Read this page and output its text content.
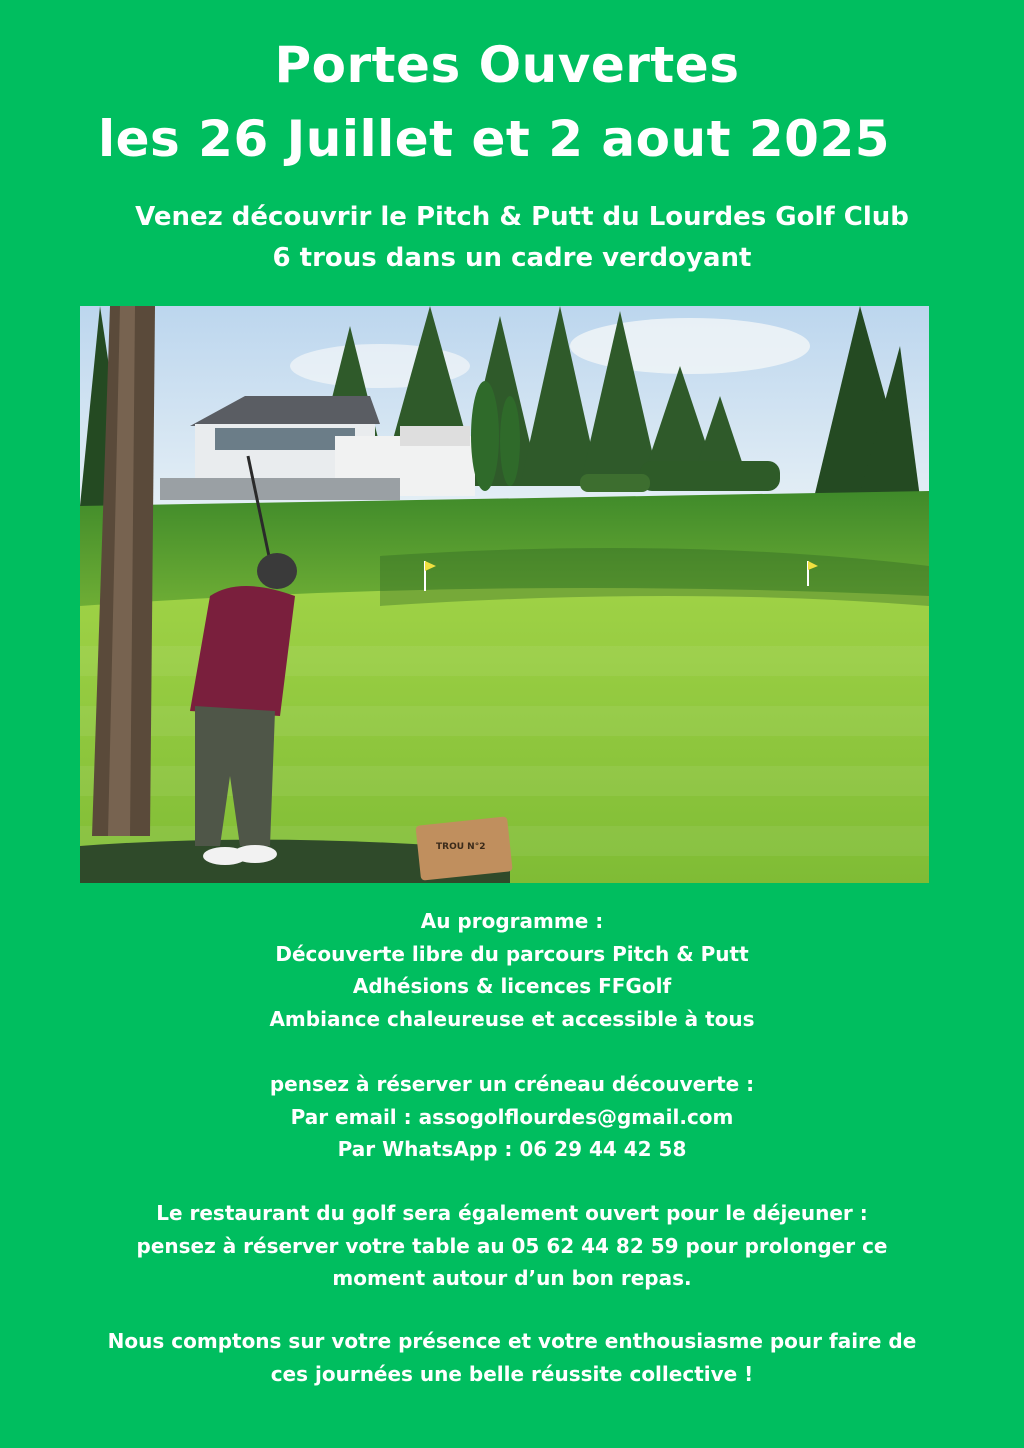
Portes Ouvertes
les 26 Juillet et 2 aout 2025
Venez découvrir le Pitch & Putt du Lourdes Golf Club
6 trous dans un cadre verdoyant
TROU N°2
Au programme :
Découverte libre du parcours Pitch & Putt
Adhésions & licences FFGolf
Ambiance chaleureuse et accessible à tous
pensez à réserver un créneau découverte :
Par email : assogolflourdes@gmail.com
Par WhatsApp : 06 29 44 42 58
Le restaurant du golf sera également ouvert pour le déjeuner :
pensez à réserver votre table au 05 62 44 82 59 pour prolonger ce
moment autour d’un bon repas.
Nous comptons sur votre présence et votre enthousiasme pour faire de
ces journées une belle réussite collective !
